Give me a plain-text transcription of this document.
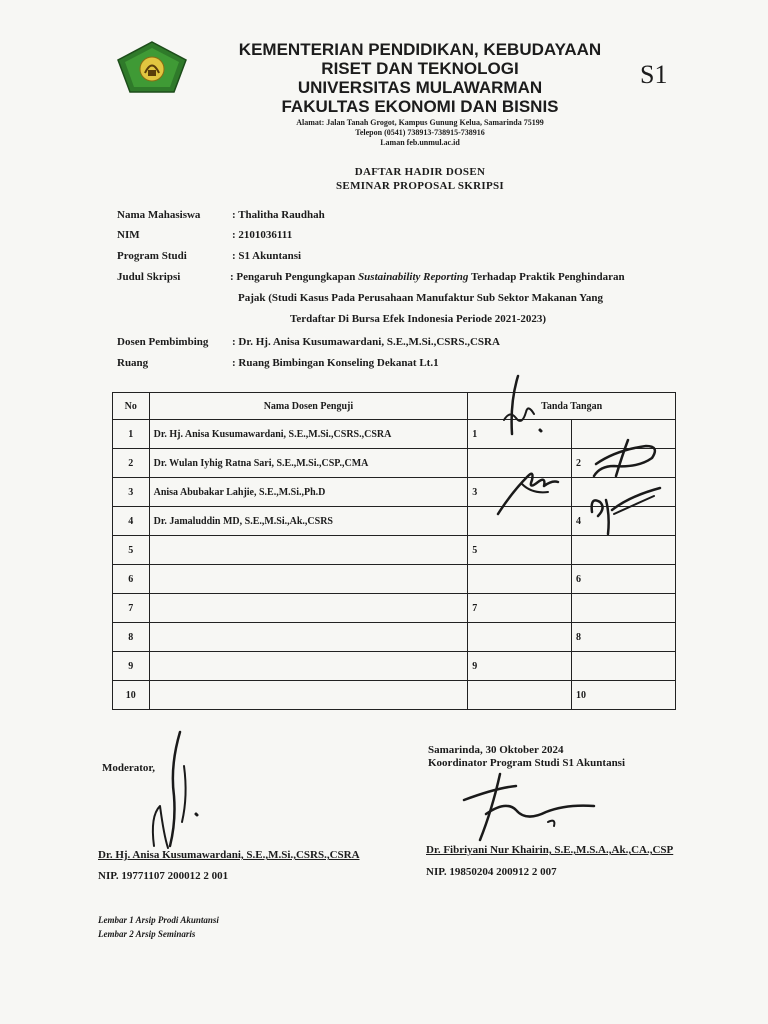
KEMENTERIAN PENDIDIKAN, KEBUDAYAAN
RISET DAN TEKNOLOGI
UNIVERSITAS MULAWARMAN
FAKULTAS EKONOMI DAN BISNIS
Alamat: Jalan Tanah Grogot, Kampus Gunung Kelua, Samarinda 75199
Telepon (0541) 738913-738915-738916
Laman feb.unmul.ac.id
S1
DAFTAR HADIR DOSEN
SEMINAR PROPOSAL SKRIPSI
Nama Mahasiswa	: Thalitha Raudhah
NIM	: 2101036111
Program Studi	: S1 Akuntansi
Judul Skripsi	: Pengaruh Pengungkapan Sustainability Reporting Terhadap Praktik Penghindaran
Pajak (Studi Kasus Pada Perusahaan Manufaktur Sub Sektor Makanan Yang
Terdaftar Di Bursa Efek Indonesia Periode 2021-2023)
Dosen Pembimbing : Dr. Hj. Anisa Kusumawardani, S.E.,M.Si.,CSRS.,CSRA
Ruang	: Ruang Bimbingan Konseling Dekanat Lt.1
No	Nama Dosen Penguji	Tanda Tangan	
1	Dr. Hj. Anisa Kusumawardani, S.E.,M.Si.,CSRS.,CSRA	1	
2	Dr. Wulan Iyhig Ratna Sari, S.E.,M.Si.,CSP.,CMA		2
3	Anisa Abubakar Lahjie, S.E.,M.Si.,Ph.D	3	
4	Dr. Jamaluddin MD, S.E.,M.Si.,Ak.,CSRS		4
5		5	
6			6
7		7	
8			8
9		9	
10			10
Moderator,
Dr. Hj. Anisa Kusumawardani, S.E.,M.Si.,CSRS.,CSRA
NIP. 19771107 200012 2 001
Samarinda, 30 Oktober 2024
Koordinator Program Studi S1 Akuntansi
Dr. Fibriyani Nur Khairin, S.E.,M.S.A.,Ak.,CA.,CSP
NIP. 19850204 200912 2 007
Lembar 1 Arsip Prodi Akuntansi
Lembar 2 Arsip Seminaris
